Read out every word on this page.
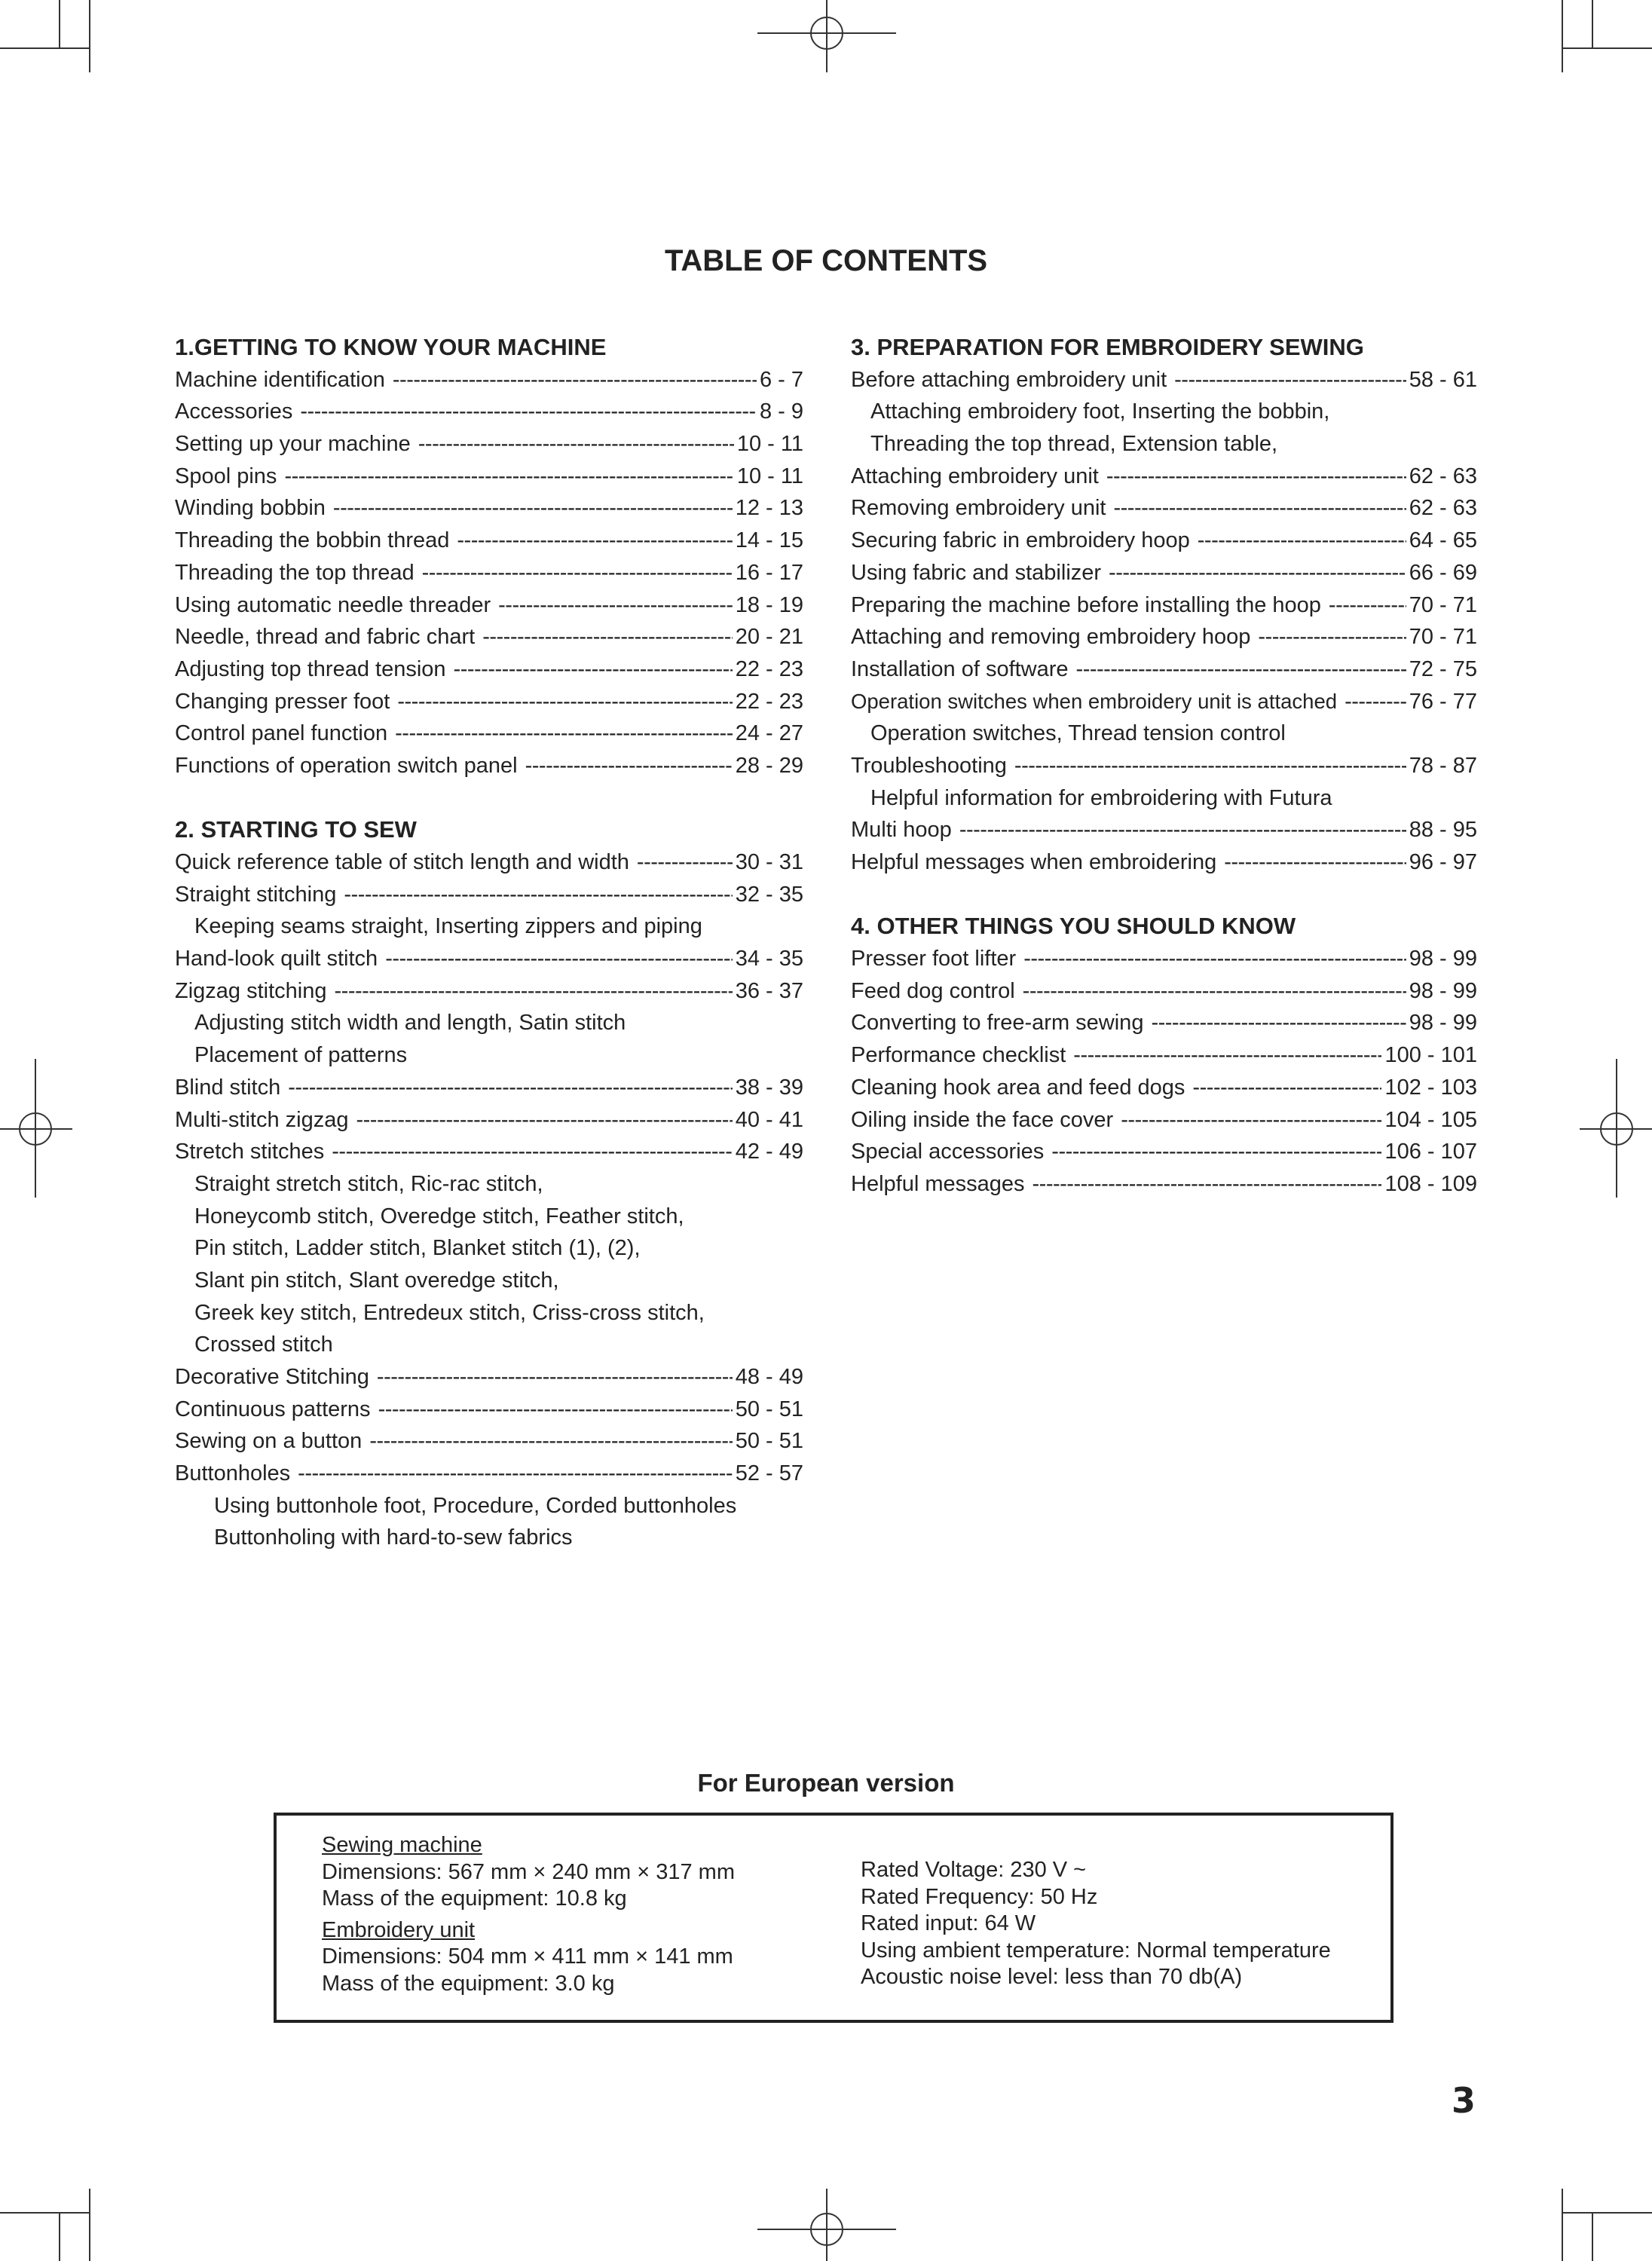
TABLE OF CONTENTS
1.GETTING TO KNOW YOUR MACHINE
Machine identification -----	6 - 7
Accessories -----	8 - 9
Setting up your machine -----	10 - 11
Spool pins -----	10 - 11
Winding bobbin -----	12 - 13
Threading the bobbin thread -----	14 - 15
Threading the top thread -----	16 - 17
Using automatic needle threader -----	18 - 19
Needle, thread and fabric chart -----	20 - 21
Adjusting top thread tension -----	22 - 23
Changing presser foot -----	22 - 23
Control panel function -----	24 - 27
Functions of operation switch panel -----	28 - 29
2. STARTING TO SEW
Quick reference table of stitch length and width -----	30 - 31
Straight stitching -----	32 - 35
Keeping seams straight, Inserting zippers and piping
Hand-look quilt stitch -----	34 - 35
Zigzag stitching -----	36 - 37
Adjusting stitch width and length, Satin stitch
Placement of patterns
Blind stitch -----	38 - 39
Multi-stitch zigzag -----	40 - 41
Stretch stitches -----	42 - 49
Straight stretch stitch, Ric-rac stitch,
Honeycomb stitch, Overedge stitch, Feather stitch,
Pin stitch, Ladder stitch, Blanket stitch (1), (2),
Slant pin stitch, Slant overedge stitch,
Greek key stitch, Entredeux stitch, Criss-cross stitch,
Crossed stitch
Decorative Stitching -----	48 - 49
Continuous patterns -----	50 - 51
Sewing on a button -----	50 - 51
Buttonholes -----	52 - 57
Using buttonhole foot, Procedure, Corded buttonholes
Buttonholing with hard-to-sew fabrics
3. PREPARATION FOR EMBROIDERY SEWING
Before attaching embroidery unit -----	58 - 61
Attaching embroidery foot, Inserting the bobbin,
Threading the top thread, Extension table,
Attaching embroidery unit -----	62 - 63
Removing embroidery unit -----	62 - 63
Securing fabric in embroidery hoop -----	64 - 65
Using fabric and stabilizer -----	66 - 69
Preparing the machine before installing the hoop -----	70 - 71
Attaching and removing embroidery hoop -----	70 - 71
Installation of software -----	72 - 75
Operation switches when embroidery unit is attached -----	76 - 77
Operation switches, Thread tension control
Troubleshooting -----	78 - 87
Helpful information for embroidering with Futura
Multi hoop -----	88 - 95
Helpful messages when embroidering -----	96 - 97
4. OTHER THINGS YOU SHOULD KNOW
Presser foot lifter -----	98 - 99
Feed dog control -----	98 - 99
Converting to free-arm sewing -----	98 - 99
Performance checklist -----	100 - 101
Cleaning hook area and feed dogs -----	102 - 103
Oiling inside the face cover -----	104 - 105
Special accessories -----	106 - 107
Helpful messages -----	108 - 109
For European version
Sewing machine
Dimensions: 567 mm × 240 mm × 317 mm
Mass of the equipment: 10.8 kg
Embroidery unit
Dimensions: 504 mm × 411 mm × 141 mm
Mass of the equipment: 3.0 kg
Rated Voltage: 230 V ~
Rated Frequency: 50 Hz
Rated input: 64 W
Using ambient temperature: Normal temperature
Acoustic noise level: less than 70 db(A)
3
